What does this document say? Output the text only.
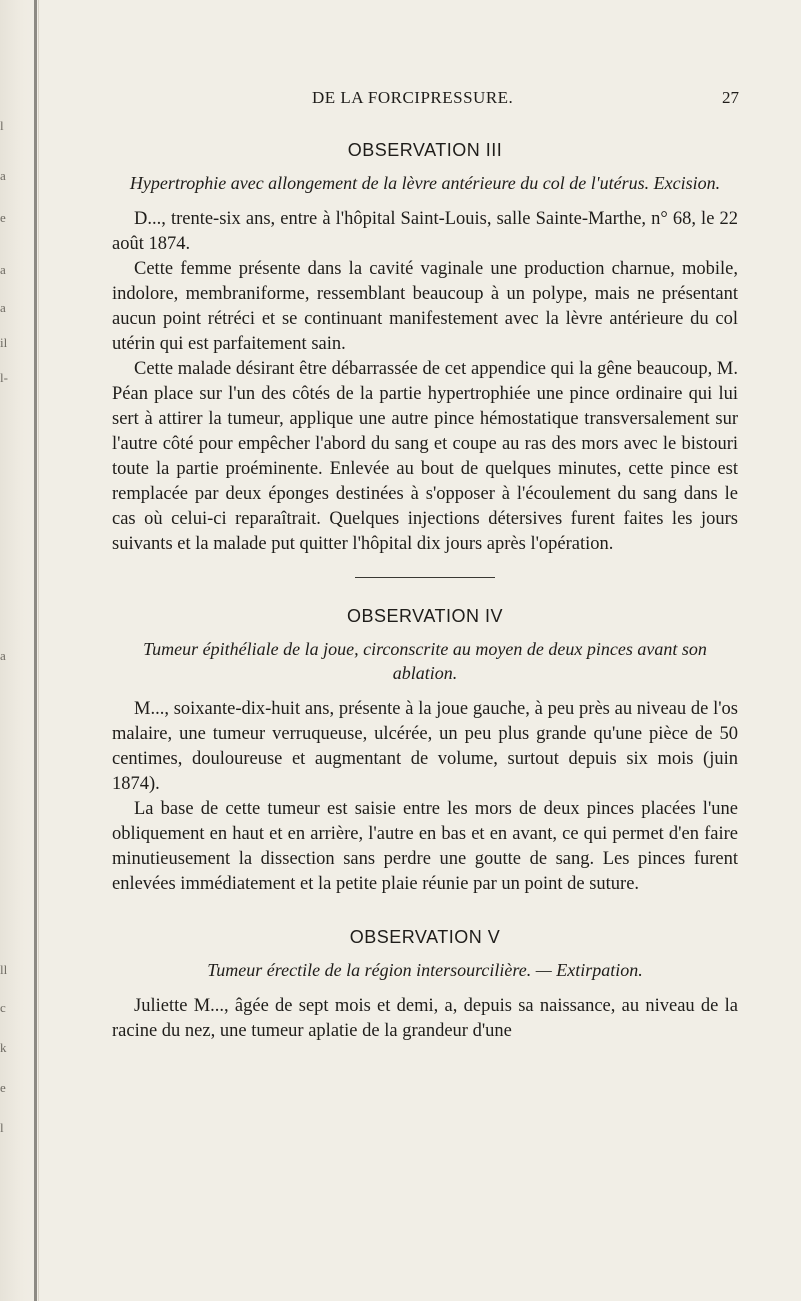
l
a
e
a
a
il
l-
a
ll
c
k
e
l
DE LA FORCIPRESSURE.	27
OBSERVATION III
Hypertrophie avec allongement de la lèvre antérieure du col de l'utérus. Excision.

D..., trente-six ans, entre à l'hôpital Saint-Louis, salle Sainte-Marthe, n° 68, le 22 août 1874.

Cette femme présente dans la cavité vaginale une production charnue, mobile, indolore, membraniforme, ressemblant beaucoup à un polype, mais ne présentant aucun point rétréci et se continuant manifestement avec la lèvre antérieure du col utérin qui est parfaitement sain.

Cette malade désirant être débarrassée de cet appendice qui la gêne beaucoup, M. Péan place sur l'un des côtés de la partie hypertrophiée une pince ordinaire qui lui sert à attirer la tumeur, applique une autre pince hémostatique transversalement sur l'autre côté pour empêcher l'abord du sang et coupe au ras des mors avec le bistouri toute la partie proéminente. Enlevée au bout de quelques minutes, cette pince est remplacée par deux éponges destinées à s'opposer à l'écoulement du sang dans le cas où celui-ci reparaîtrait. Quelques injections détersives furent faites les jours suivants et la malade put quitter l'hôpital dix jours après l'opération.

OBSERVATION IV
Tumeur épithéliale de la joue, circonscrite au moyen de deux pinces avant son ablation.

M..., soixante-dix-huit ans, présente à la joue gauche, à peu près au niveau de l'os malaire, une tumeur verruqueuse, ulcérée, un peu plus grande qu'une pièce de 50 centimes, douloureuse et augmentant de volume, surtout depuis six mois (juin 1874).

La base de cette tumeur est saisie entre les mors de deux pinces placées l'une obliquement en haut et en arrière, l'autre en bas et en avant, ce qui permet d'en faire minutieusement la dissection sans perdre une goutte de sang. Les pinces furent enlevées immédiatement et la petite plaie réunie par un point de suture.

OBSERVATION V
Tumeur érectile de la région intersourcilière. — Extirpation.

Juliette M..., âgée de sept mois et demi, a, depuis sa naissance, au niveau de la racine du nez, une tumeur aplatie de la grandeur d'une
